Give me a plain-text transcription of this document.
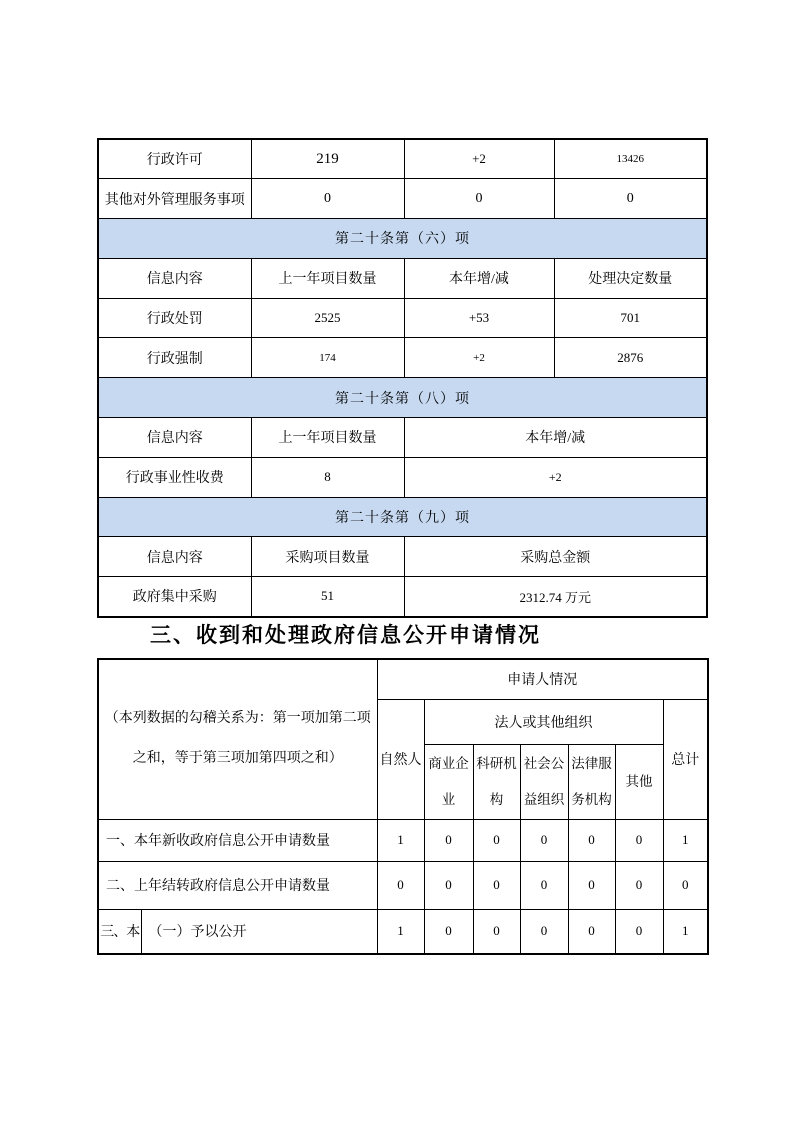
行政许可	219	+2	13426
其他对外管理服务事项	0	0	0
第二十条第（六）项			
信息内容	上一年项目数量	本年增/减	处理决定数量
行政处罚	2525	+53	701
行政强制	174	+2	2876
第二十条第（八）项			
信息内容	上一年项目数量	本年增/减	
行政事业性收费	8	+2	
第二十条第（九）项			
信息内容	采购项目数量	采购总金额	
政府集中采购	51	2312.74 万元	
三、收到和处理政府信息公开申请情况
（本列数据的勾稽关系为：第一项加第二项之和，等于第三项加第四项之和）		申请人情况						
		自然人	法人或其他组织					总计
			商业企业	科研机构	社会公益组织	法律服务机构	其他	
一、本年新收政府信息公开申请数量		1	0	0	0	0	0	1
二、上年结转政府信息公开申请数量		0	0	0	0	0	0	0
三、本	（一）予以公开	1	0	0	0	0	0	1
